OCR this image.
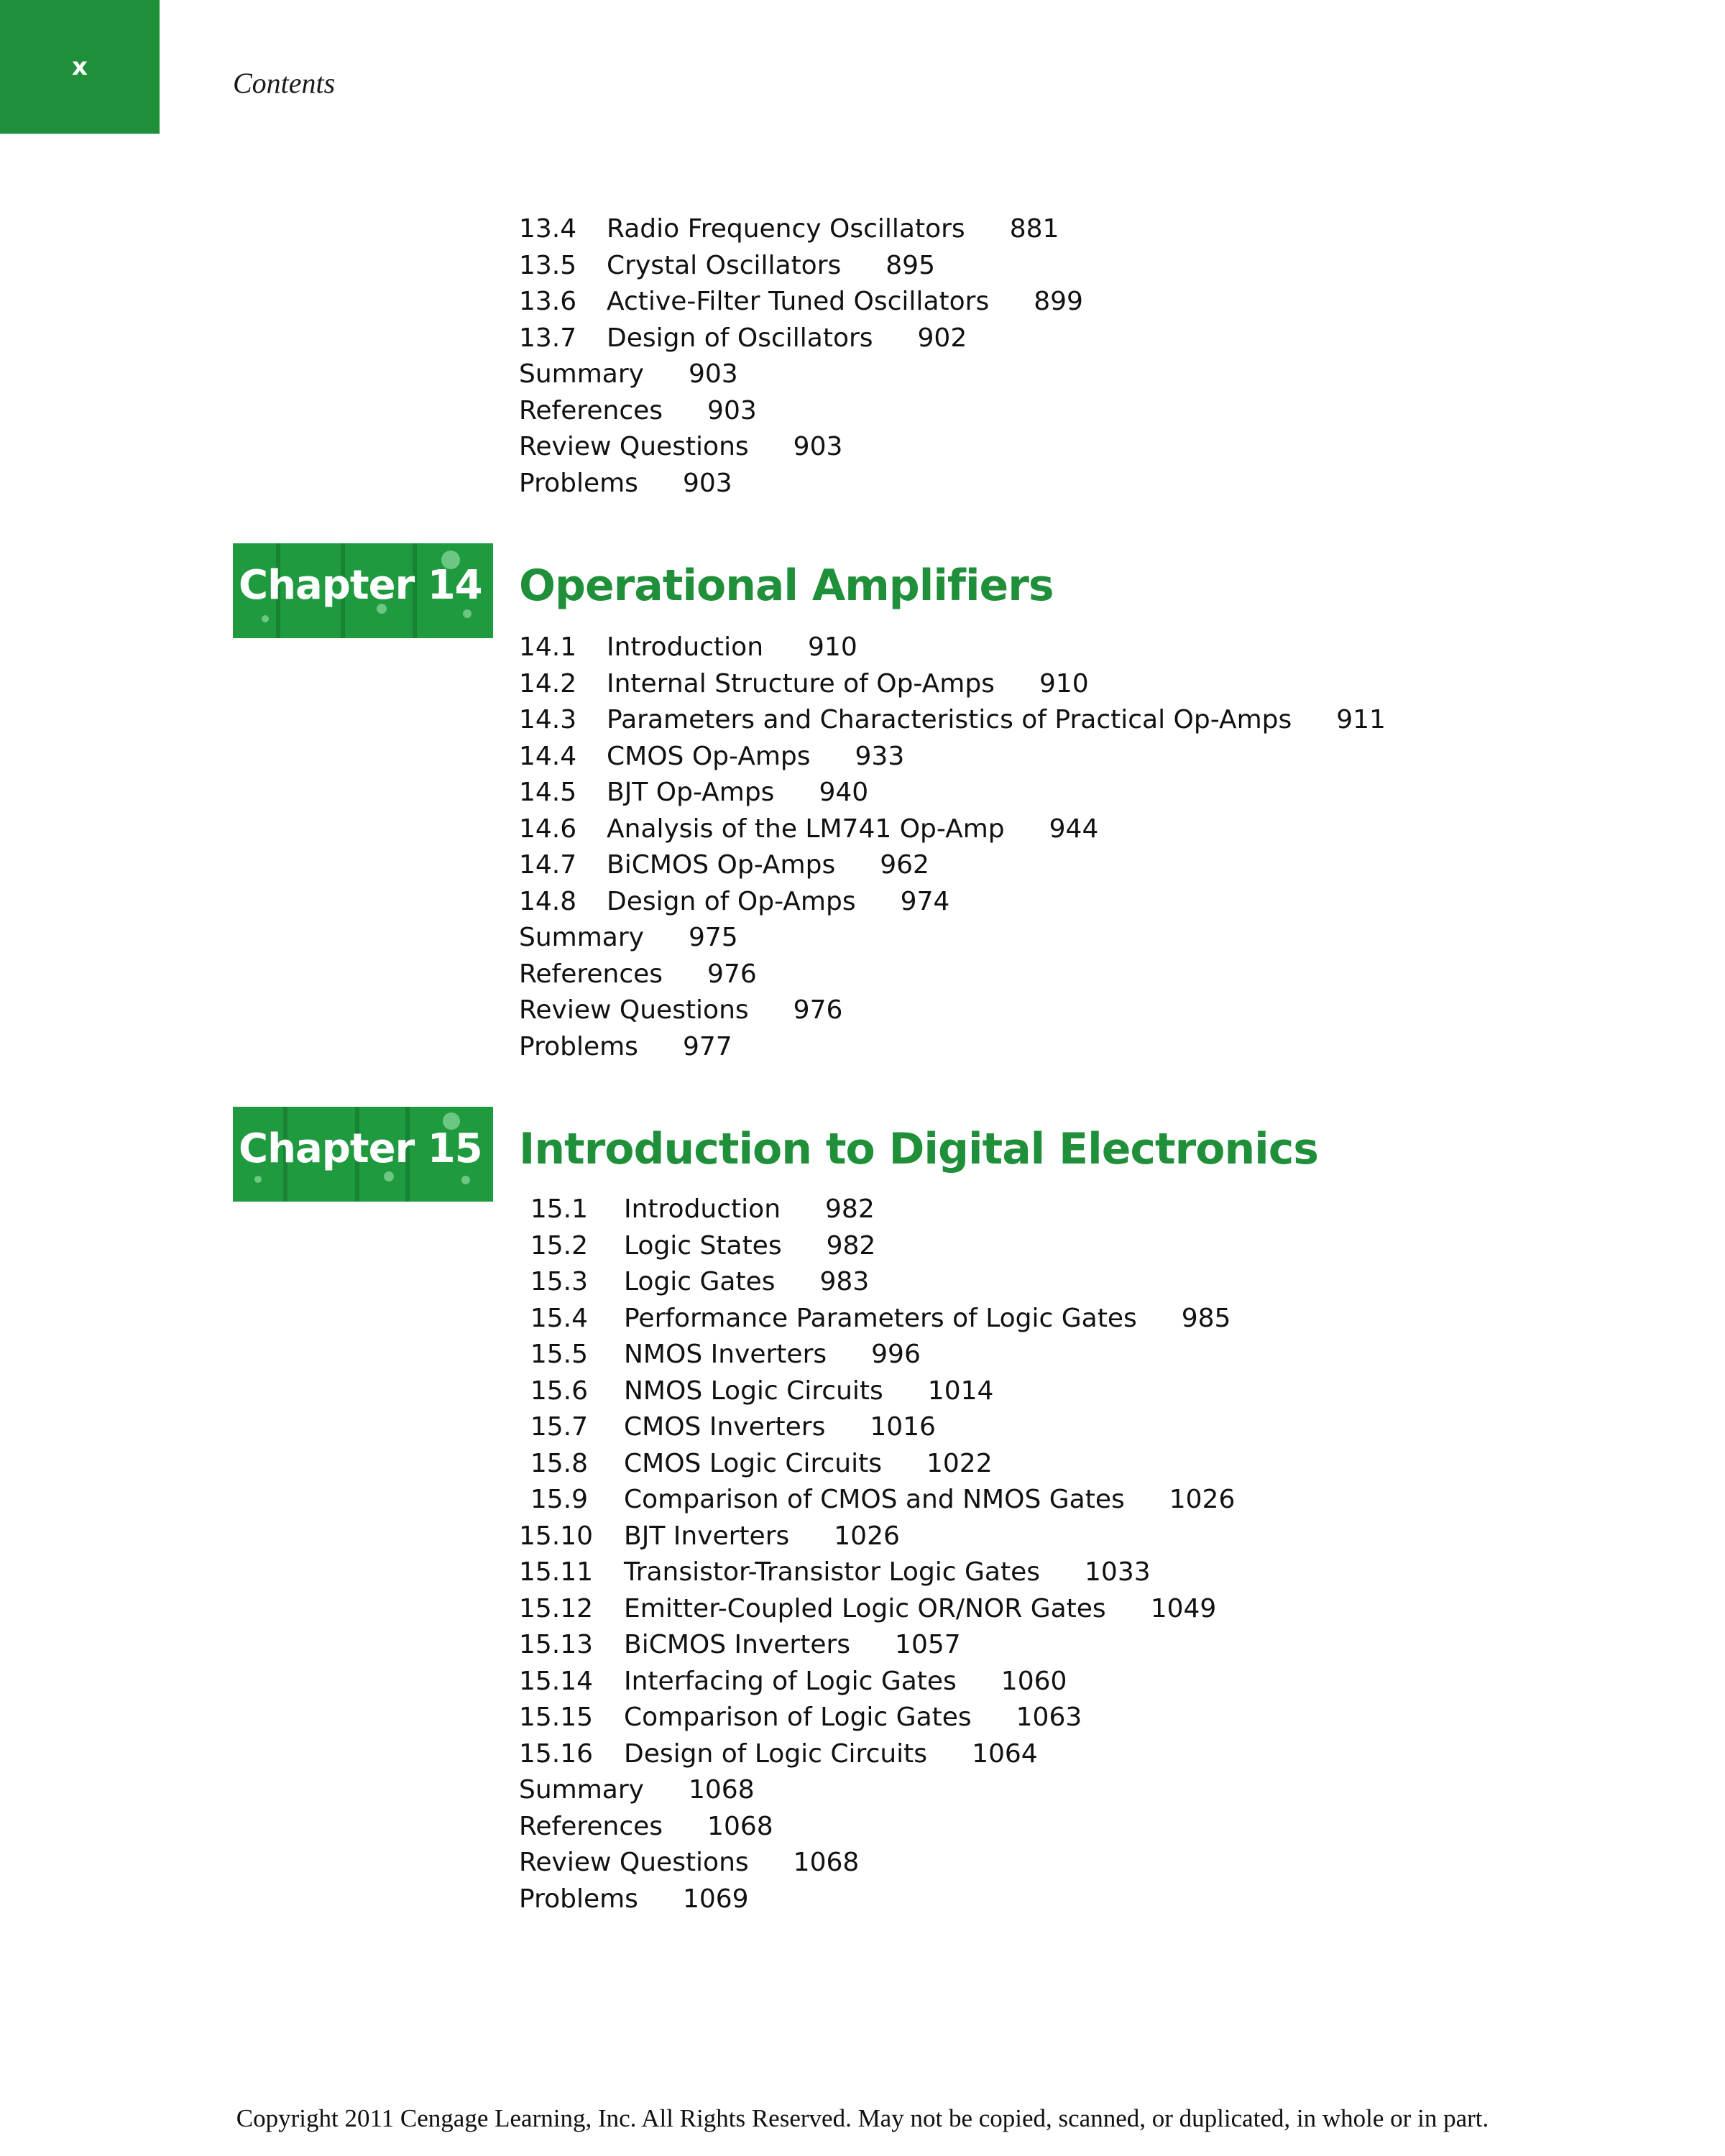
x	Contents
13.4 Radio Frequency Oscillators 881
13.5 Crystal Oscillators 895
13.6 Active-Filter Tuned Oscillators 899
13.7 Design of Oscillators 902
Summary 903
References 903
Review Questions 903
Problems 903
14.1 Introduction 910
14.2 Internal Structure of Op-Amps 910
14.3 Parameters and Characteristics of Practical Op-Amps 911
14.4 CMOS Op-Amps 933
14.5 BJT Op-Amps 940
14.6 Analysis of the LM741 Op-Amp 944
14.7 BiCMOS Op-Amps 962
14.8 Design of Op-Amps 974
Summary 975
References 976
Review Questions 976
Problems 977
15.1 Introduction 982
15.2 Logic States 982
15.3 Logic Gates 983
15.4 Performance Parameters of Logic Gates 985
15.5 NMOS Inverters 996
15.6 NMOS Logic Circuits 1014
15.7 CMOS Inverters 1016
15.8 CMOS Logic Circuits 1022
15.9 Comparison of CMOS and NMOS Gates 1026
15.10 BJT Inverters 1026
15.11 Transistor-Transistor Logic Gates 1033
15.12 Emitter-Coupled Logic OR/NOR Gates 1049
15.13 BiCMOS Inverters 1057
15.14 Interfacing of Logic Gates 1060
15.15 Comparison of Logic Gates 1063
15.16 Design of Logic Circuits 1064
Summary 1068
References 1068
Review Questions 1068
Problems 1069
Chapter 14 Operational Amplifiers
Chapter 15 Introduction to Digital Electronics
Copyright 2011 Cengage Learning, Inc. All Rights Reserved. May not be copied, scanned, or duplicated, in whole or in part.
